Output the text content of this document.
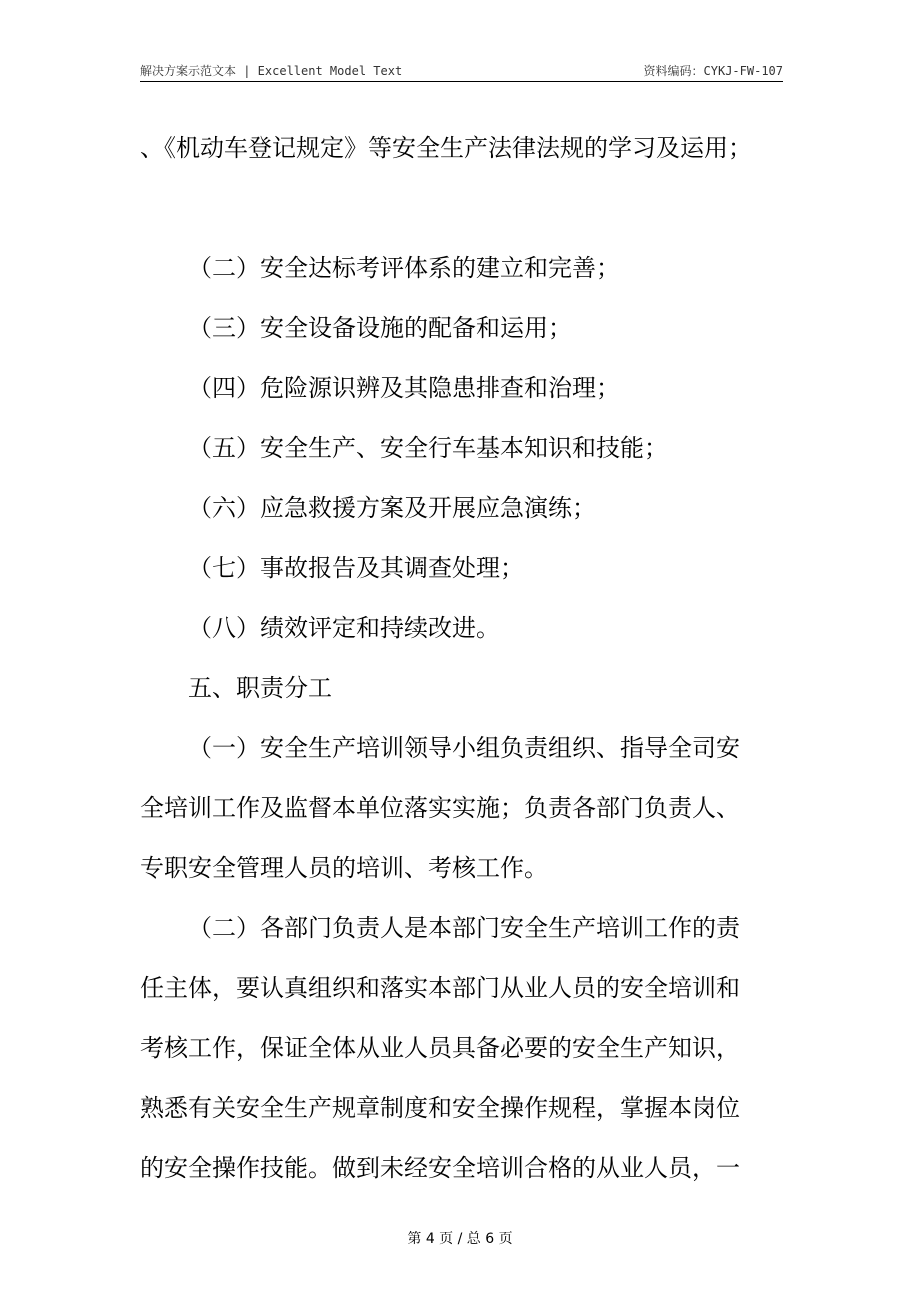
解决方案示范文本 | Excellent Model Text	资料编码：CYKJ-FW-107

、《机动车登记规定》等安全生产法律法规的学习及运用；

（二）安全达标考评体系的建立和完善；

（三）安全设备设施的配备和运用；

（四）危险源识辨及其隐患排查和治理；

（五）安全生产、安全行车基本知识和技能；

（六）应急救援方案及开展应急演练；

（七）事故报告及其调查处理；

（八）绩效评定和持续改进。

五、职责分工

（一）安全生产培训领导小组负责组织、指导全司安

全培训工作及监督本单位落实实施；负责各部门负责人、

专职安全管理人员的培训、考核工作。

（二）各部门负责人是本部门安全生产培训工作的责

任主体，要认真组织和落实本部门从业人员的安全培训和

考核工作，保证全体从业人员具备必要的安全生产知识，

熟悉有关安全生产规章制度和安全操作规程，掌握本岗位

的安全操作技能。做到未经安全培训合格的从业人员，一

第 4 页 / 总 6 页
